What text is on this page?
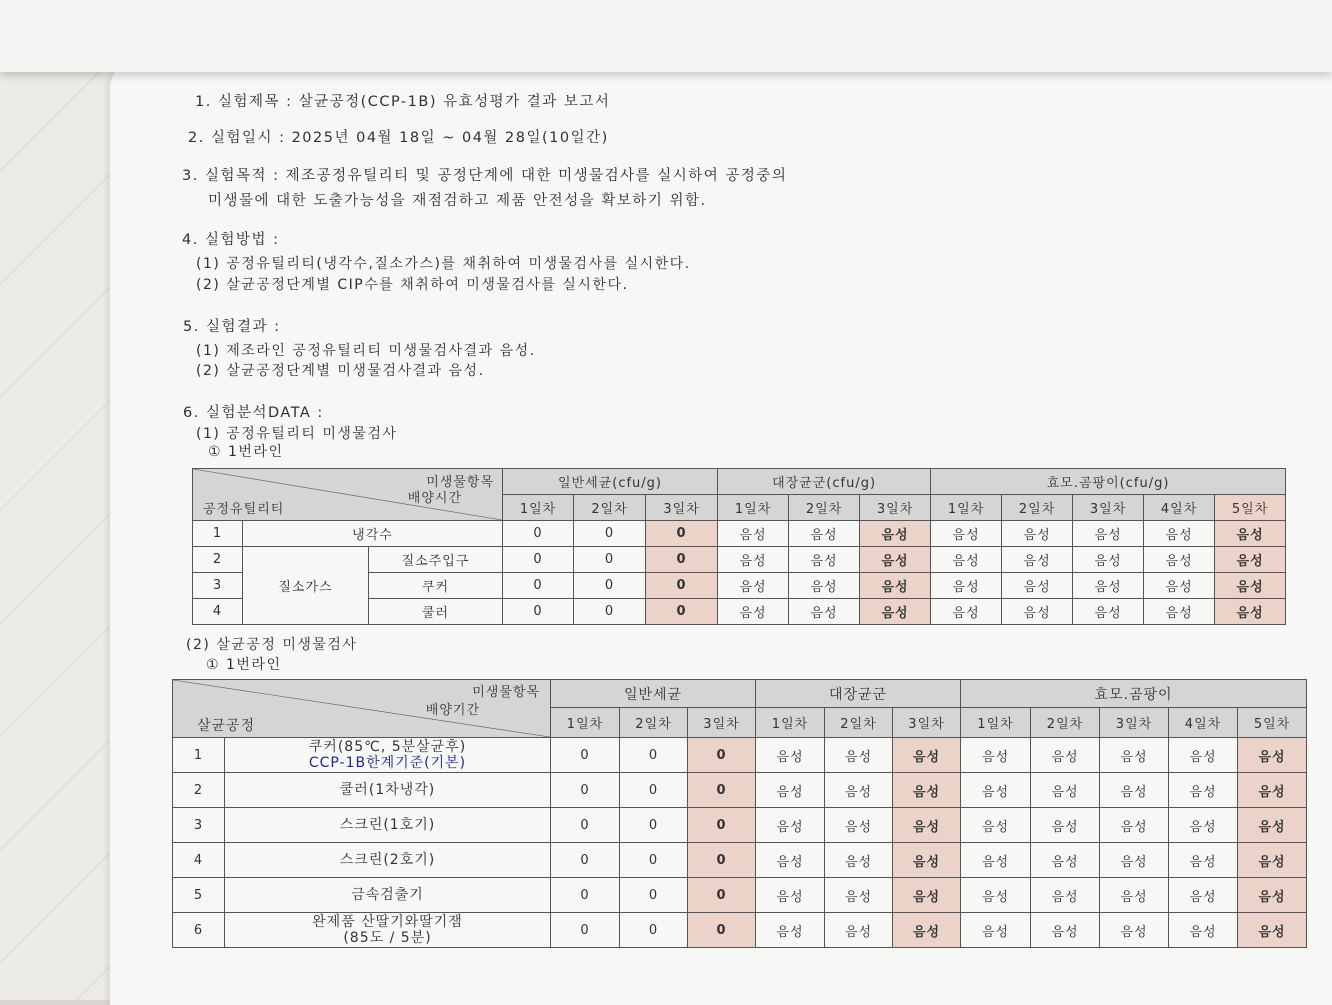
1. 실험제목 : 살균공정(CCP-1B) 유효성평가 결과 보고서
2. 실험일시 : 2025년 04월 18일 ~ 04월 28일(10일간)
3. 실험목적 : 제조공정유틸리티 및 공정단계에 대한 미생물검사를 실시하여 공정중의
미생물에 대한 도출가능성을 재점검하고 제품 안전성을 확보하기 위함.
4. 실험방법 :
(1) 공정유틸리티(냉각수,질소가스)를 채취하여 미생물검사를 실시한다.
(2) 살균공정단계별 CIP수를 채취하여 미생물검사를 실시한다.
5. 실험결과 :
(1) 제조라인 공정유틸리티 미생물검사결과 음성.
(2) 살균공정단계별 미생물검사결과 음성.
6. 실험분석DATA :
(1) 공정유틸리티 미생물검사
① 1번라인
미생물항목
배양시간
공정유틸리티			일반세균(cfu/g)			대장균군(cfu/g)			효모.곰팡이(cfu/g)				
			1일차	2일차	3일차	1일차	2일차	3일차	1일차	2일차	3일차	4일차	5일차
1	냉각수		0	0	0	음성	음성	음성	음성	음성	음성	음성	음성
2	질소가스	질소주입구	0	0	0	음성	음성	음성	음성	음성	음성	음성	음성
3		쿠커	0	0	0	음성	음성	음성	음성	음성	음성	음성	음성
4		쿨러	0	0	0	음성	음성	음성	음성	음성	음성	음성	음성
(2) 살균공정 미생물검사
① 1번라인
미생물항목
배양기간
살균공정		일반세균			대장균군			효모.곰팡이				
		1일차	2일차	3일차	1일차	2일차	3일차	1일차	2일차	3일차	4일차	5일차
1	쿠커(85℃, 5분살균후)
CCP-1B한계기준(기본)	0	0	0	음성	음성	음성	음성	음성	음성	음성	음성
2	쿨러(1차냉각)	0	0	0	음성	음성	음성	음성	음성	음성	음성	음성
3	스크린(1호기)	0	0	0	음성	음성	음성	음성	음성	음성	음성	음성
4	스크린(2호기)	0	0	0	음성	음성	음성	음성	음성	음성	음성	음성
5	금속검출기	0	0	0	음성	음성	음성	음성	음성	음성	음성	음성
6	완제품 산딸기와딸기잼
(85도 / 5분)	0	0	0	음성	음성	음성	음성	음성	음성	음성	음성
